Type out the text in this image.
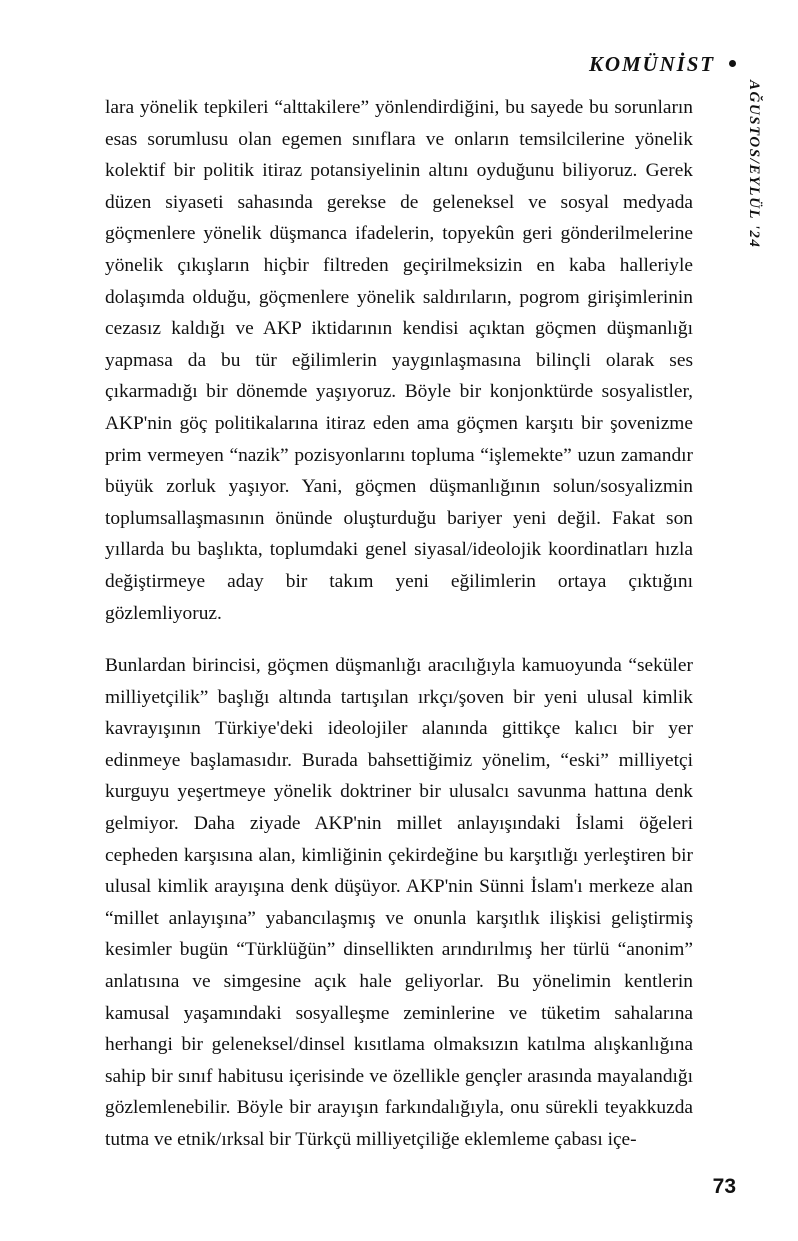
KOMÜNİST
AĞUSTOS/EYLÜL '24

lara yönelik tepkileri “alttakilere” yönlendirdiğini, bu sayede bu sorunların esas sorumlusu olan egemen sınıflara ve onların temsilcilerine yönelik kolektif bir politik itiraz potansiyelinin altını oyduğunu biliyoruz. Gerek düzen siyaseti sahasında gerekse de geleneksel ve sosyal medyada göçmenlere yönelik düşmanca ifadelerin, topyekûn geri gönderilmelerine yönelik çıkışların hiçbir filtreden geçirilmeksizin en kaba halleriyle dolaşımda olduğu, göçmenlere yönelik saldırıların, pogrom girişimlerinin cezasız kaldığı ve AKP iktidarının kendisi açıktan göçmen düşmanlığı yapmasa da bu tür eğilimlerin yaygınlaşmasına bilinçli olarak ses çıkarmadığı bir dönemde yaşıyoruz. Böyle bir konjonktürde sosyalistler, AKP'nin göç politikalarına itiraz eden ama göçmen karşıtı bir şovenizme prim vermeyen “nazik” pozisyonlarını topluma “işlemekte” uzun zamandır büyük zorluk yaşıyor. Yani, göçmen düşmanlığının solun/sosyalizmin toplumsallaşmasının önünde oluşturduğu bariyer yeni değil. Fakat son yıllarda bu başlıkta, toplumdaki genel siyasal/ideolojik koordinatları hızla değiştirmeye aday bir takım yeni eğilimlerin ortaya çıktığını gözlemliyoruz.

Bunlardan birincisi, göçmen düşmanlığı aracılığıyla kamuoyunda “seküler milliyetçilik” başlığı altında tartışılan ırkçı/şoven bir yeni ulusal kimlik kavrayışının Türkiye'deki ideolojiler alanında gittikçe kalıcı bir yer edinmeye başlamasıdır. Burada bahsettiğimiz yönelim, “eski” milliyetçi kurguyu yeşertmeye yönelik doktriner bir ulusalcı savunma hattına denk gelmiyor. Daha ziyade AKP'nin millet anlayışındaki İslami öğeleri cepheden karşısına alan, kimliğinin çekirdeğine bu karşıtlığı yerleştiren bir ulusal kimlik arayışına denk düşüyor. AKP'nin Sünni İslam'ı merkeze alan “millet anlayışına” yabancılaşmış ve onunla karşıtlık ilişkisi geliştirmiş kesimler bugün “Türklüğün” dinsellikten arındırılmış her türlü “anonim” anlatısına ve simgesine açık hale geliyorlar. Bu yönelimin kentlerin kamusal yaşamındaki sosyalleşme zeminlerine ve tüketim sahalarına herhangi bir geleneksel/dinsel kısıtlama olmaksızın katılma alışkanlığına sahip bir sınıf habitusu içerisinde ve özellikle gençler arasında mayalandığı gözlemlenebilir. Böyle bir arayışın farkındalığıyla, onu sürekli teyakkuzda tutma ve etnik/ırksal bir Türkçü milliyetçiliğe eklemleme çabası içe-

73
